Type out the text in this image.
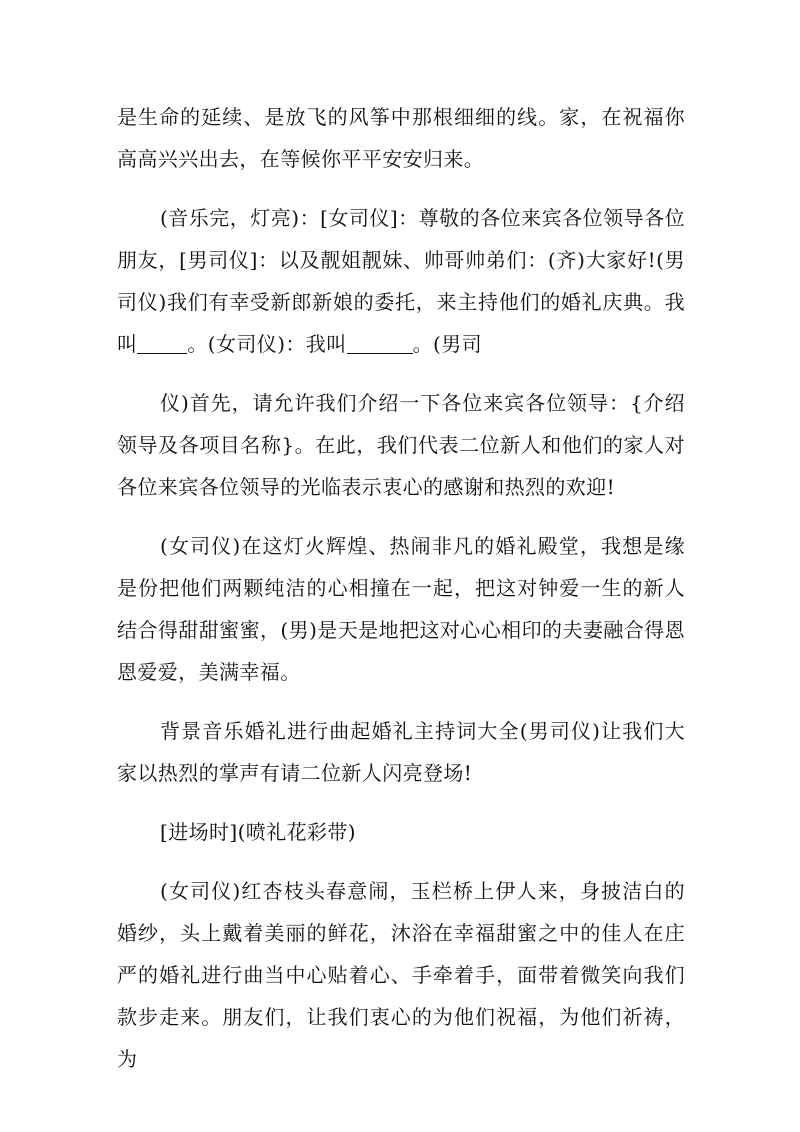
是生命的延续、是放飞的风筝中那根细细的线。家，在祝福你高高兴兴出去，在等候你平平安安归来。

(音乐完，灯亮)：[女司仪]：尊敬的各位来宾各位领导各位朋友，[男司仪]：以及靓姐靓妹、帅哥帅弟们：(齐)大家好!(男司仪)我们有幸受新郎新娘的委托，来主持他们的婚礼庆典。我叫	。(女司仪)：我叫	。(男司

仪)首先，请允许我们介绍一下各位来宾各位领导：{介绍领导及各项目名称}。在此，我们代表二位新人和他们的家人对各位来宾各位领导的光临表示衷心的感谢和热烈的欢迎!

(女司仪)在这灯火辉煌、热闹非凡的婚礼殿堂，我想是缘是份把他们两颗纯洁的心相撞在一起，把这对钟爱一生的新人结合得甜甜蜜蜜，(男)是天是地把这对心心相印的夫妻融合得恩恩爱爱，美满幸福。

背景音乐婚礼进行曲起婚礼主持词大全(男司仪)让我们大家以热烈的掌声有请二位新人闪亮登场!

[进场时](喷礼花彩带)

(女司仪)红杏枝头春意闹，玉栏桥上伊人来，身披洁白的婚纱，头上戴着美丽的鲜花，沐浴在幸福甜蜜之中的佳人在庄严的婚礼进行曲当中心贴着心、手牵着手，面带着微笑向我们款步走来。朋友们，让我们衷心的为他们祝福，为他们祈祷，为
